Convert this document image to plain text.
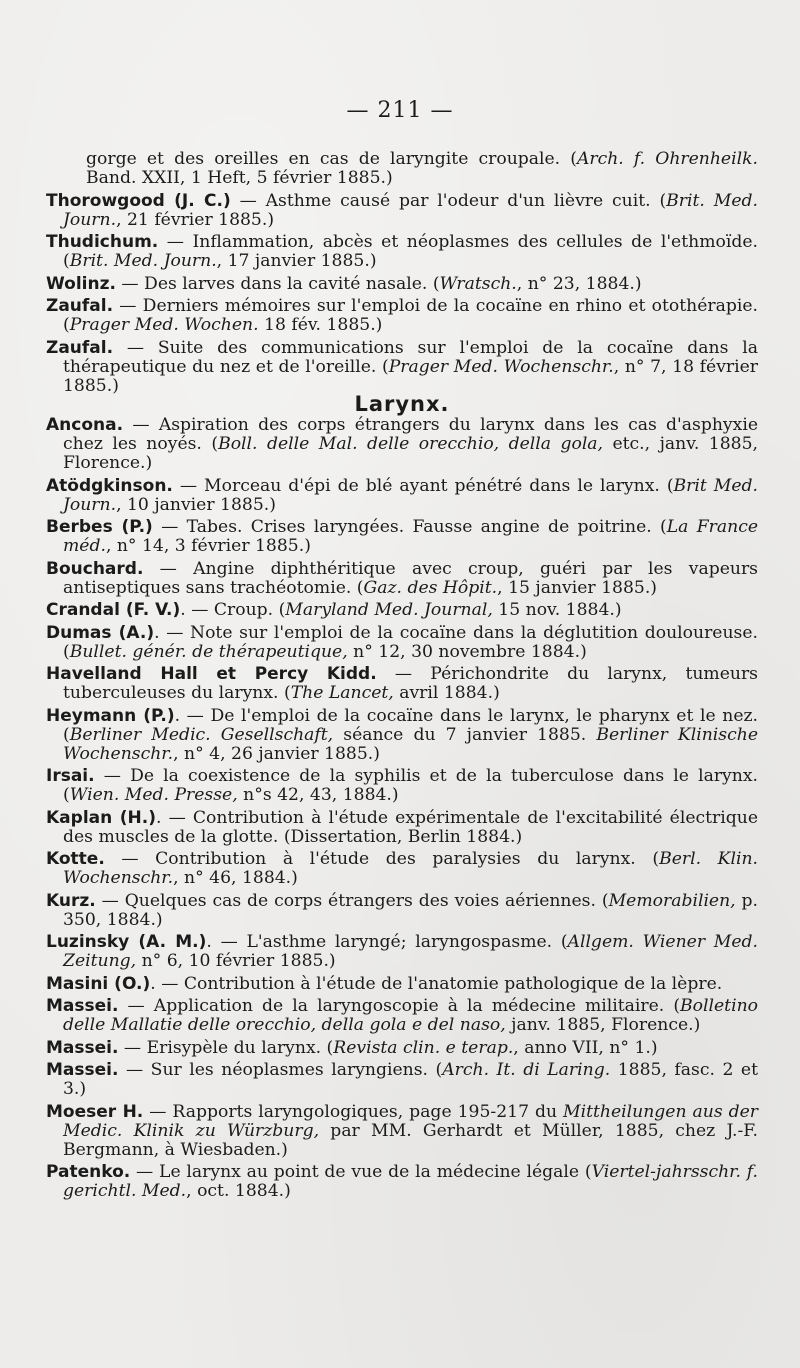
— 211 —
gorge et des oreilles en cas de laryngite croupale. (Arch. f. Ohrenheilk. Band. XXII, 1 Heft, 5 février 1885.)
Thorowgood (J. C.) — Asthme causé par l'odeur d'un lièvre cuit. (Brit. Med. Journ., 21 février 1885.)
Thudichum. — Inflammation, abcès et néoplasmes des cellules de l'ethmoïde. (Brit. Med. Journ., 17 janvier 1885.)
Wolinz. — Des larves dans la cavité nasale. (Wratsch., n° 23, 1884.)
Zaufal. — Derniers mémoires sur l'emploi de la cocaïne en rhino et otothérapie. (Prager Med. Wochen. 18 fév. 1885.)
Zaufal. — Suite des communications sur l'emploi de la cocaïne dans la thérapeutique du nez et de l'oreille. (Prager Med. Wochenschr., n° 7, 18 février 1885.)
Larynx.
Ancona. — Aspiration des corps étrangers du larynx dans les cas d'asphyxie chez les noyés. (Boll. delle Mal. delle orecchio, della gola, etc., janv. 1885, Florence.)
Atödgkinson. — Morceau d'épi de blé ayant pénétré dans le larynx. (Brit Med. Journ., 10 janvier 1885.)
Berbes (P.) — Tabes. Crises laryngées. Fausse angine de poitrine. (La France méd., n° 14, 3 février 1885.)
Bouchard. — Angine diphthéritique avec croup, guéri par les vapeurs antiseptiques sans trachéotomie. (Gaz. des Hôpit., 15 janvier 1885.)
Crandal (F. V.). — Croup. (Maryland Med. Journal, 15 nov. 1884.)
Dumas (A.). — Note sur l'emploi de la cocaïne dans la déglutition douloureuse. (Bullet. génér. de thérapeutique, n° 12, 30 novembre 1884.)
Havelland Hall et Percy Kidd. — Périchondrite du larynx, tumeurs tuberculeuses du larynx. (The Lancet, avril 1884.)
Heymann (P.). — De l'emploi de la cocaïne dans le larynx, le pharynx et le nez. (Berliner Medic. Gesellschaft, séance du 7 janvier 1885. Berliner Klinische Wochenschr., n° 4, 26 janvier 1885.)
Irsai. — De la coexistence de la syphilis et de la tuberculose dans le larynx. (Wien. Med. Presse, n°s 42, 43, 1884.)
Kaplan (H.). — Contribution à l'étude expérimentale de l'excitabilité électrique des muscles de la glotte. (Dissertation, Berlin 1884.)
Kotte. — Contribution à l'étude des paralysies du larynx. (Berl. Klin. Wochenschr., n° 46, 1884.)
Kurz. — Quelques cas de corps étrangers des voies aériennes. (Memorabilien, p. 350, 1884.)
Luzinsky (A. M.). — L'asthme laryngé; laryngospasme. (Allgem. Wiener Med. Zeitung, n° 6, 10 février 1885.)
Masini (O.). — Contribution à l'étude de l'anatomie pathologique de la lèpre.
Massei. — Application de la laryngoscopie à la médecine militaire. (Bolletino delle Mallatie delle orecchio, della gola e del naso, janv. 1885, Florence.)
Massei. — Erisypèle du larynx. (Revista clin. e terap., anno VII, n° 1.)
Massei. — Sur les néoplasmes laryngiens. (Arch. It. di Laring. 1885, fasc. 2 et 3.)
Moeser H. — Rapports laryngologiques, page 195-217 du Mittheilungen aus der Medic. Klinik zu Würzburg, par MM. Gerhardt et Müller, 1885, chez J.-F. Bergmann, à Wiesbaden.)
Patenko. — Le larynx au point de vue de la médecine légale (Viertel-jahrsschr. f. gerichtl. Med., oct. 1884.)
